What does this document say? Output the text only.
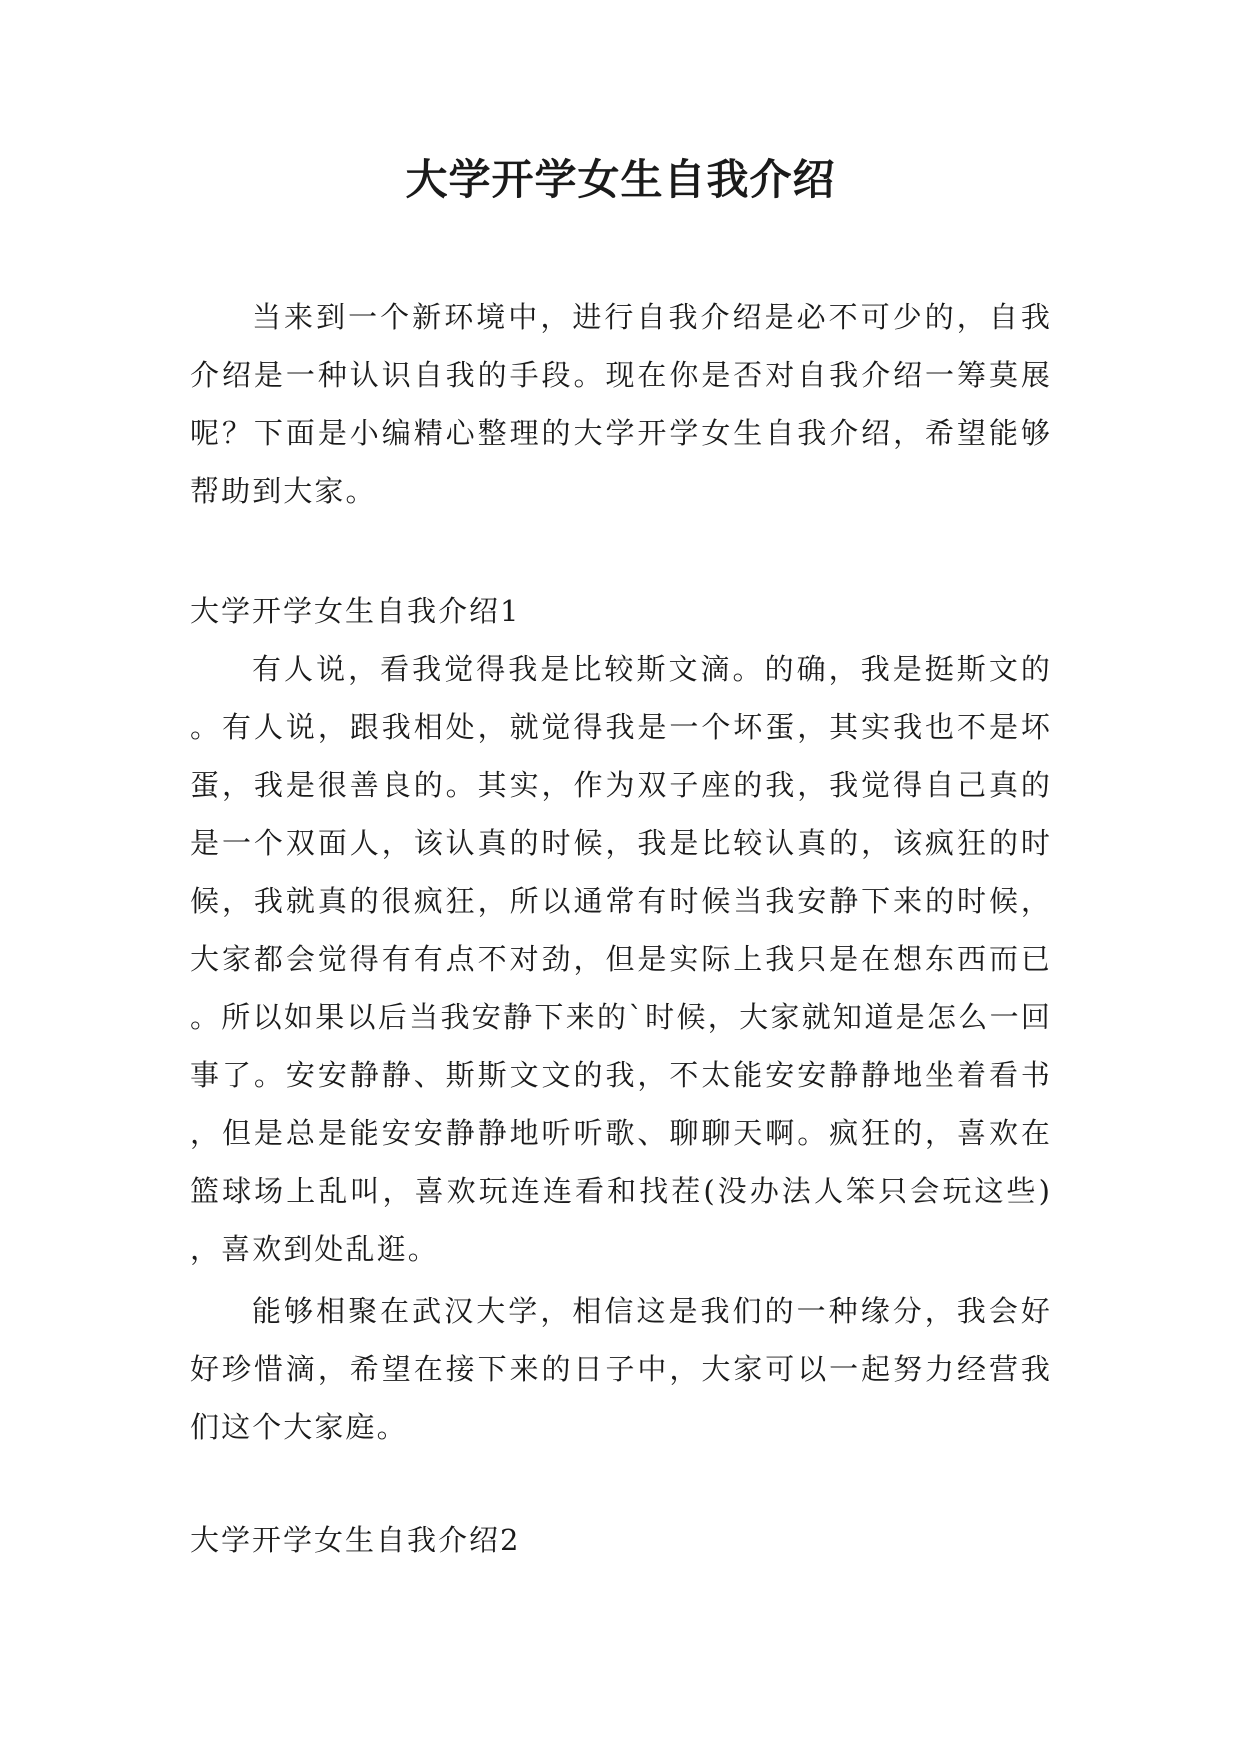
大学开学女生自我介绍

当来到一个新环境中，进行自我介绍是必不可少的，自我介绍是一种认识自我的手段。现在你是否对自我介绍一筹莫展呢？下面是小编精心整理的大学开学女生自我介绍，希望能够帮助到大家。

大学开学女生自我介绍1

有人说，看我觉得我是比较斯文滴。的确，我是挺斯文的。有人说，跟我相处，就觉得我是一个坏蛋，其实我也不是坏蛋，我是很善良的。其实，作为双子座的我，我觉得自己真的是一个双面人，该认真的时候，我是比较认真的，该疯狂的时候，我就真的很疯狂，所以通常有时候当我安静下来的时候，大家都会觉得有有点不对劲，但是实际上我只是在想东西而已。所以如果以后当我安静下来的`时候，大家就知道是怎么一回事了。安安静静、斯斯文文的我，不太能安安静静地坐着看书，但是总是能安安静静地听听歌、聊聊天啊。疯狂的，喜欢在篮球场上乱叫，喜欢玩连连看和找茬(没办法人笨只会玩这些)，喜欢到处乱逛。

能够相聚在武汉大学，相信这是我们的一种缘分，我会好好珍惜滴，希望在接下来的日子中，大家可以一起努力经营我们这个大家庭。

大学开学女生自我介绍2
